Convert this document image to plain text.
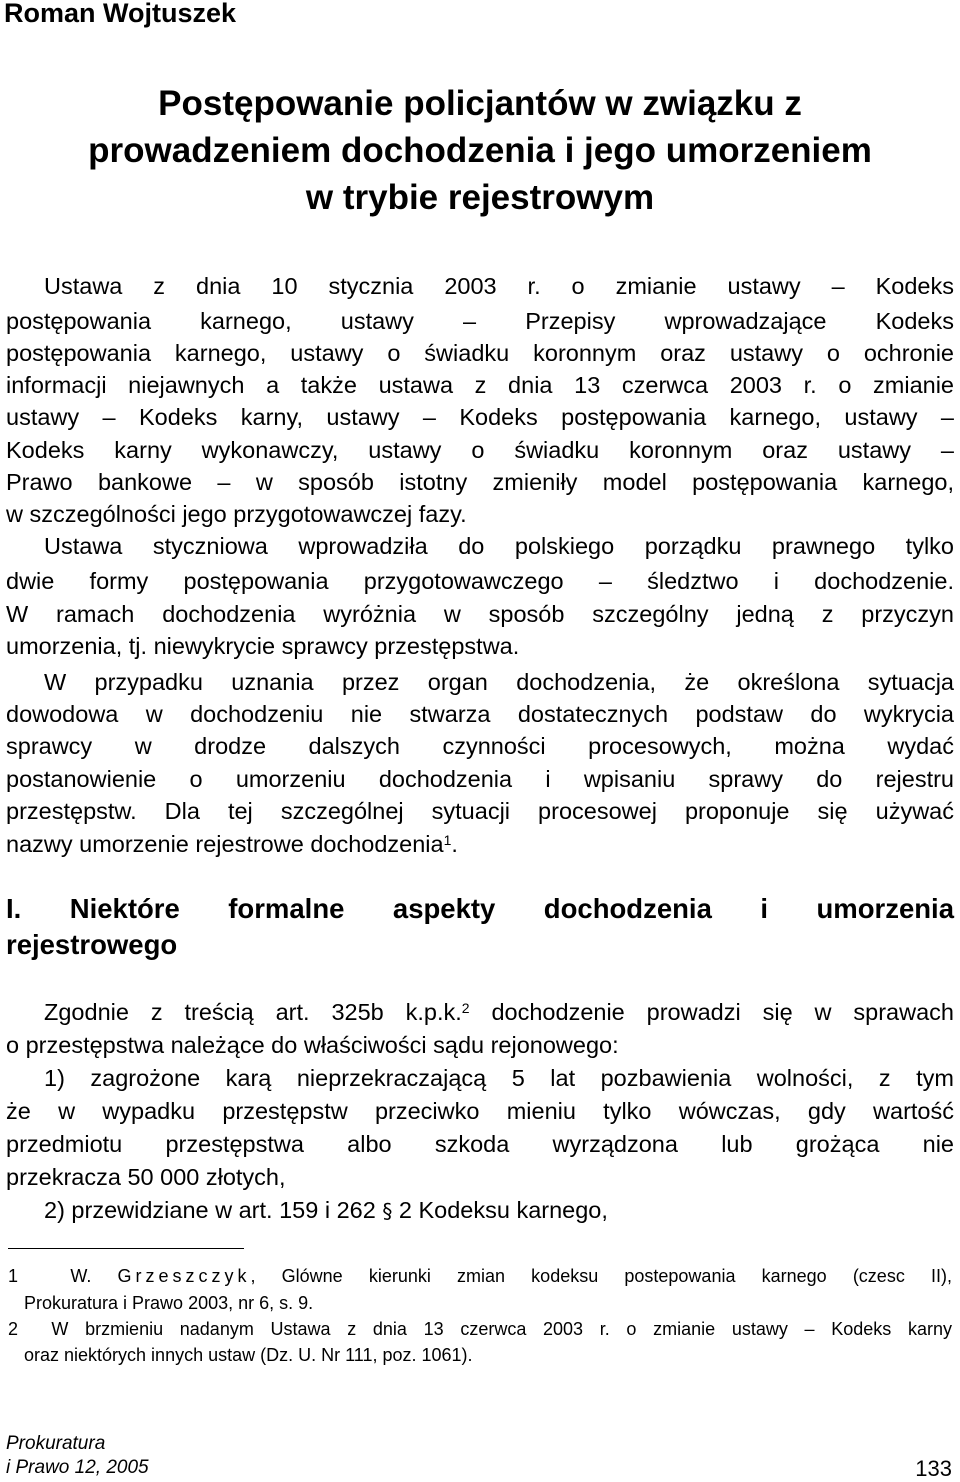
Roman Wojtuszek
Postępowanie policjantów w związku z
prowadzeniem dochodzenia i jego umorzeniem
w trybie rejestrowym
Ustawa z dnia 10 stycznia 2003 r. o zmianie ustawy – Kodeks
postępowania karnego, ustawy – Przepisy wprowadzające Kodeks
postępowania karnego, ustawy o świadku koronnym oraz ustawy o ochronie
informacji niejawnych a także ustawa z dnia 13 czerwca 2003 r. o zmianie
ustawy – Kodeks karny, ustawy – Kodeks postępowania karnego, ustawy –
Kodeks karny wykonawczy, ustawy o świadku koronnym oraz ustawy –
Prawo bankowe – w sposób istotny zmieniły model postępowania karnego,
w szczególności jego przygotowawczej fazy.
Ustawa styczniowa wprowadziła do polskiego porządku prawnego tylko
dwie formy postępowania przygotowawczego – śledztwo i dochodzenie.
W ramach dochodzenia wyróżnia w sposób szczególny jedną z przyczyn
umorzenia, tj. niewykrycie sprawcy przestępstwa.
W przypadku uznania przez organ dochodzenia, że określona sytuacja
dowodowa w dochodzeniu nie stwarza dostatecznych podstaw do wykrycia
sprawcy w drodze dalszych czynności procesowych, można wydać
postanowienie o umorzeniu dochodzenia i wpisaniu sprawy do rejestru
przestępstw. Dla tej szczególnej sytuacji procesowej proponuje się używać
nazwy umorzenie rejestrowe dochodzenia$^1$.
I. Niektóre formalne aspekty dochodzenia i umorzenia
rejestrowego
Zgodnie z treścią art. 325b k.p.k.$^2$ dochodzenie prowadzi się w sprawach
o przestępstwa należące do właściwości sądu rejonowego:
1) zagrożone karą nieprzekraczającą 5 lat pozbawienia wolności, z tym
że w wypadku przestępstw przeciwko mieniu tylko wówczas, gdy wartość
przedmiotu przestępstwa albo szkoda wyrządzona lub grożąca nie
przekracza 50 000 złotych,
2) przewidziane w art. 159 i 262 § 2 Kodeksu karnego,
1	W. Grzeszczyk, Glówne kierunki zmian kodeksu postepowania karnego (czesc II),
Prokuratura i Prawo 2003, nr 6, s. 9.
2 W brzmieniu nadanym Ustawa z dnia 13 czerwca 2003 r. o zmianie ustawy – Kodeks karny
oraz niektórych innych ustaw (Dz. U. Nr 111, poz. 1061).
Prokuratura
i Prawo 12, 2005	133
